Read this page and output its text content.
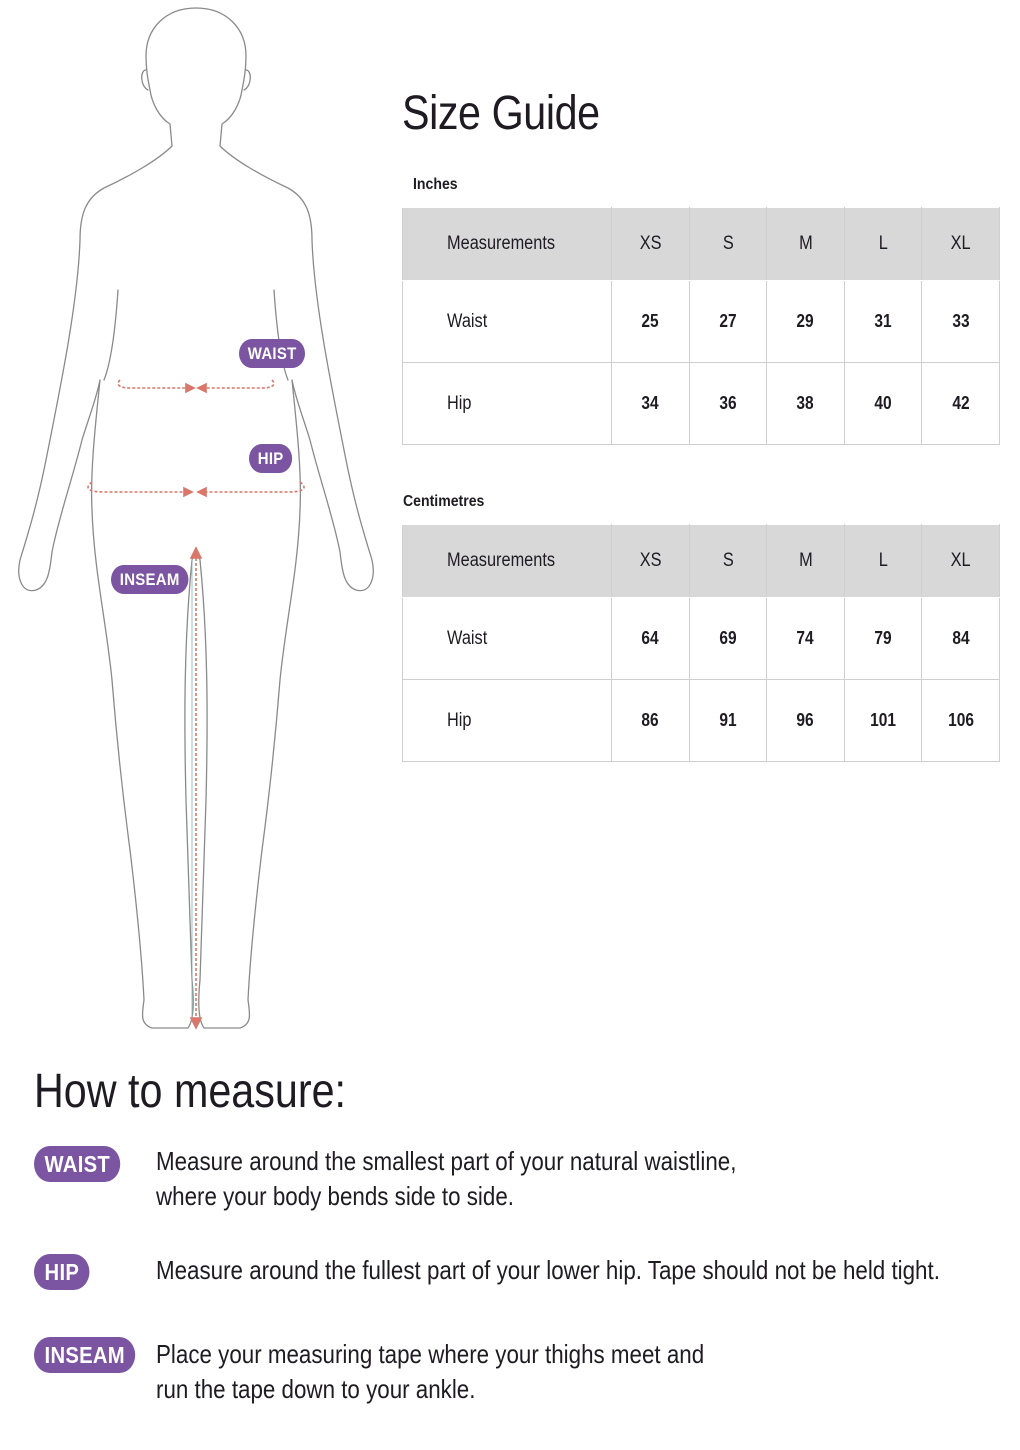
WAIST
HIP
INSEAM
Size Guide
Inches
Measurements	XS	S	M	L	XL
Waist	25	27	29	31	33
Hip	34	36	38	40	42
Centimetres
Measurements	XS	S	M	L	XL
Waist	64	69	74	79	84
Hip	86	91	96	101	106
How to measure:
WAIST	Measure around the smallest part of your natural waistline,
where your body bends side to side.
HIP	Measure around the fullest part of your lower hip. Tape should not be held tight.
INSEAM	Place your measuring tape where your thighs meet and
run the tape down to your ankle.
